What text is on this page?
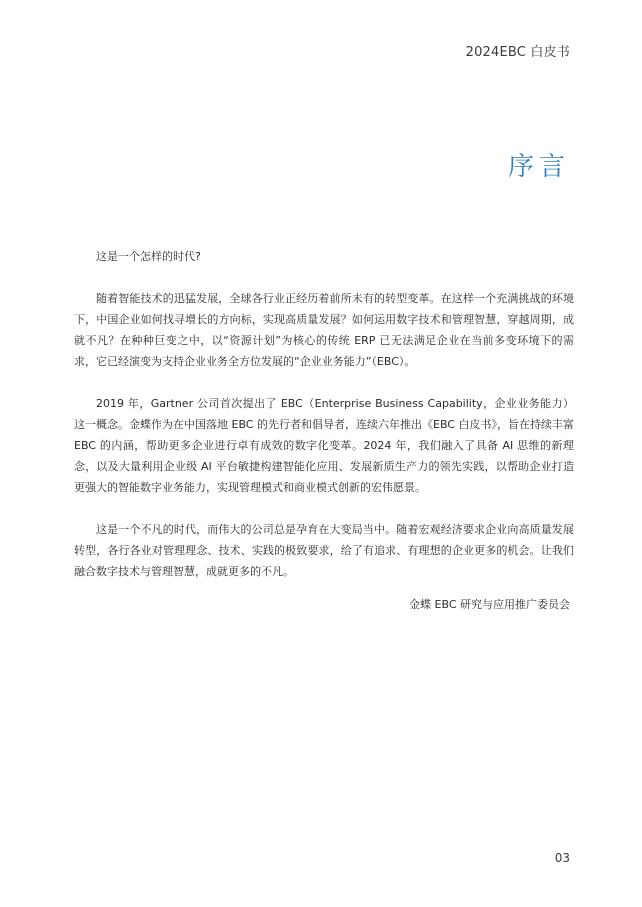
2024EBC 白皮书
序言

这是一个怎样的时代?

随着智能技术的迅猛发展，全球各行业正经历着前所未有的转型变革。在这样一个充满挑战的环境下，中国企业如何找寻增长的方向标，实现高质量发展？如何运用数字技术和管理智慧，穿越周期，成就不凡？在种种巨变之中，以“资源计划”为核心的传统 ERP 已无法满足企业在当前多变环境下的需求，它已经演变为支持企业业务全方位发展的“企业业务能力”（EBC）。

2019 年，Gartner 公司首次提出了 EBC（Enterprise Business Capability，企业业务能力）这一概念。金蝶作为在中国落地 EBC 的先行者和倡导者，连续六年推出《EBC 白皮书》，旨在持续丰富 EBC 的内涵，帮助更多企业进行卓有成效的数字化变革。2024 年，我们融入了具备 AI 思维的新理念，以及大量利用企业级 AI 平台敏捷构建智能化应用、发展新质生产力的领先实践，以帮助企业打造更强大的智能数字业务能力，实现管理模式和商业模式创新的宏伟愿景。

这是一个不凡的时代，而伟大的公司总是孕育在大变局当中。随着宏观经济要求企业向高质量发展转型，各行各业对管理理念、技术、实践的极致要求，给了有追求、有理想的企业更多的机会。让我们融合数字技术与管理智慧，成就更多的不凡。

金蝶 EBC 研究与应用推广委员会
03
